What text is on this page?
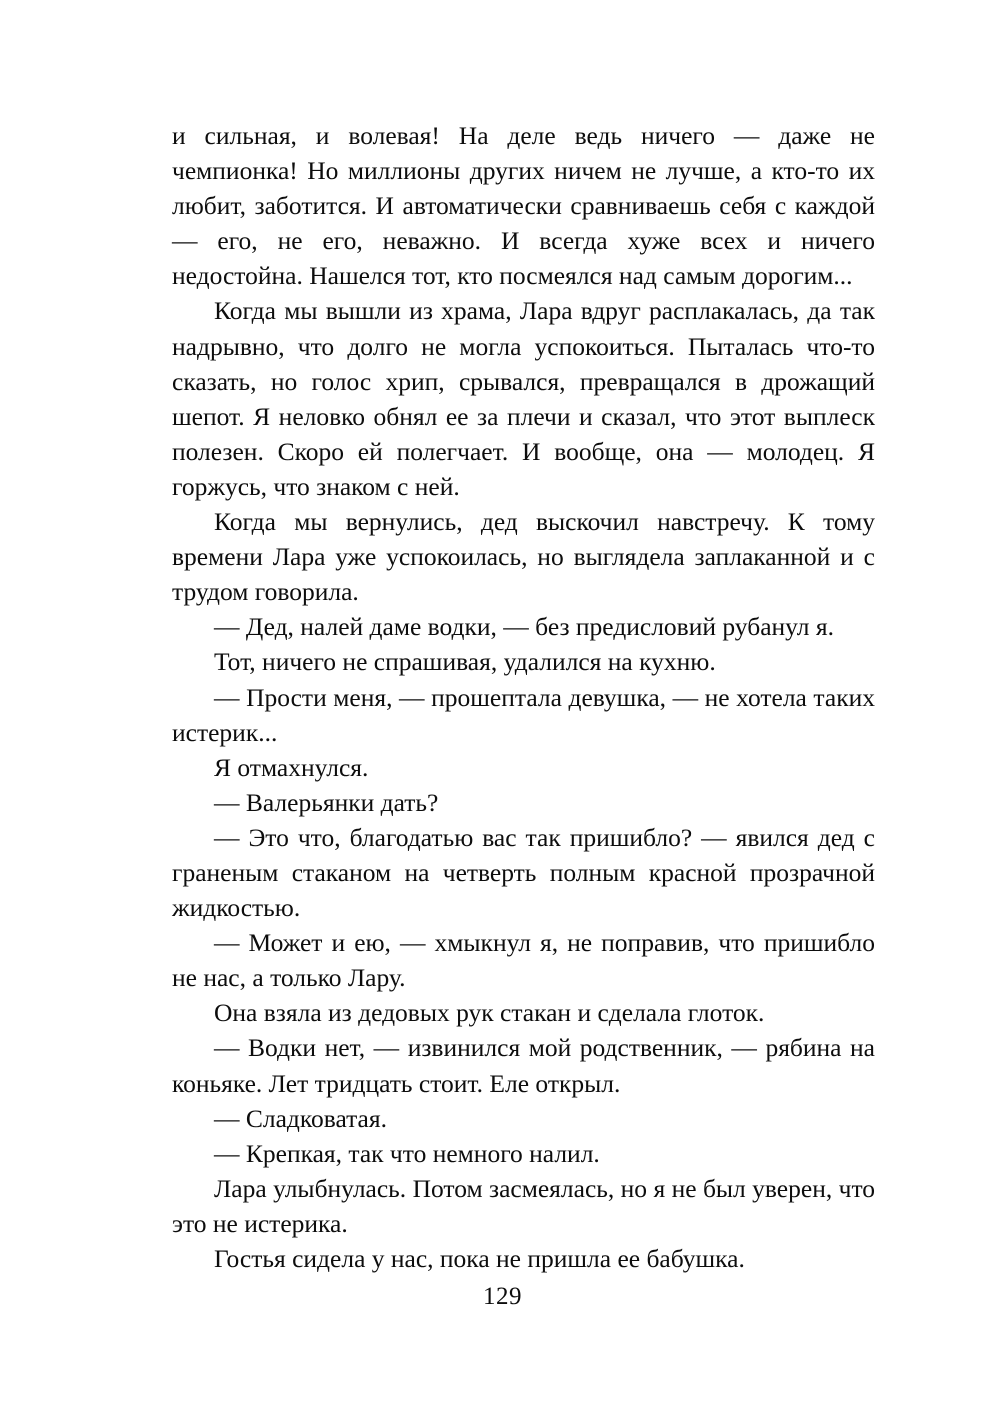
и сильная, и волевая! На деле ведь ничего — даже не чемпионка! Но миллионы других ничем не лучше, а кто-то их любит, заботится. И автоматически сравниваешь себя с каждой — его, не его, неважно. И всегда хуже всех и ничего недостойна. Нашелся тот, кто посмеялся над самым дорогим...

Когда мы вышли из храма, Лара вдруг расплакалась, да так надрывно, что долго не могла успокоиться. Пыталась что-то сказать, но голос хрип, срывался, превращался в дрожащий шепот. Я неловко обнял ее за плечи и сказал, что этот выплеск полезен. Скоро ей полегчает. И вообще, она — молодец. Я горжусь, что знаком с ней.

Когда мы вернулись, дед выскочил навстречу. К тому времени Лара уже успокоилась, но выглядела заплаканной и с трудом говорила.

— Дед, налей даме водки, — без предисловий рубанул я.

Тот, ничего не спрашивая, удалился на кухню.

— Прости меня, — прошептала девушка, — не хотела таких истерик...

Я отмахнулся.

— Валерьянки дать?

— Это что, благодатью вас так пришибло? — явился дед с граненым стаканом на четверть полным красной прозрачной жидкостью.

— Может и ею, — хмыкнул я, не поправив, что пришибло не нас, а только Лару.

Она взяла из дедовых рук стакан и сделала глоток.

— Водки нет, — извинился мой родственник, — рябина на коньяке. Лет тридцать стоит. Еле открыл.

— Сладковатая.

— Крепкая, так что немного налил.

Лара улыбнулась. Потом засмеялась, но я не был уверен, что это не истерика.

Гостья сидела у нас, пока не пришла ее бабушка.

129
